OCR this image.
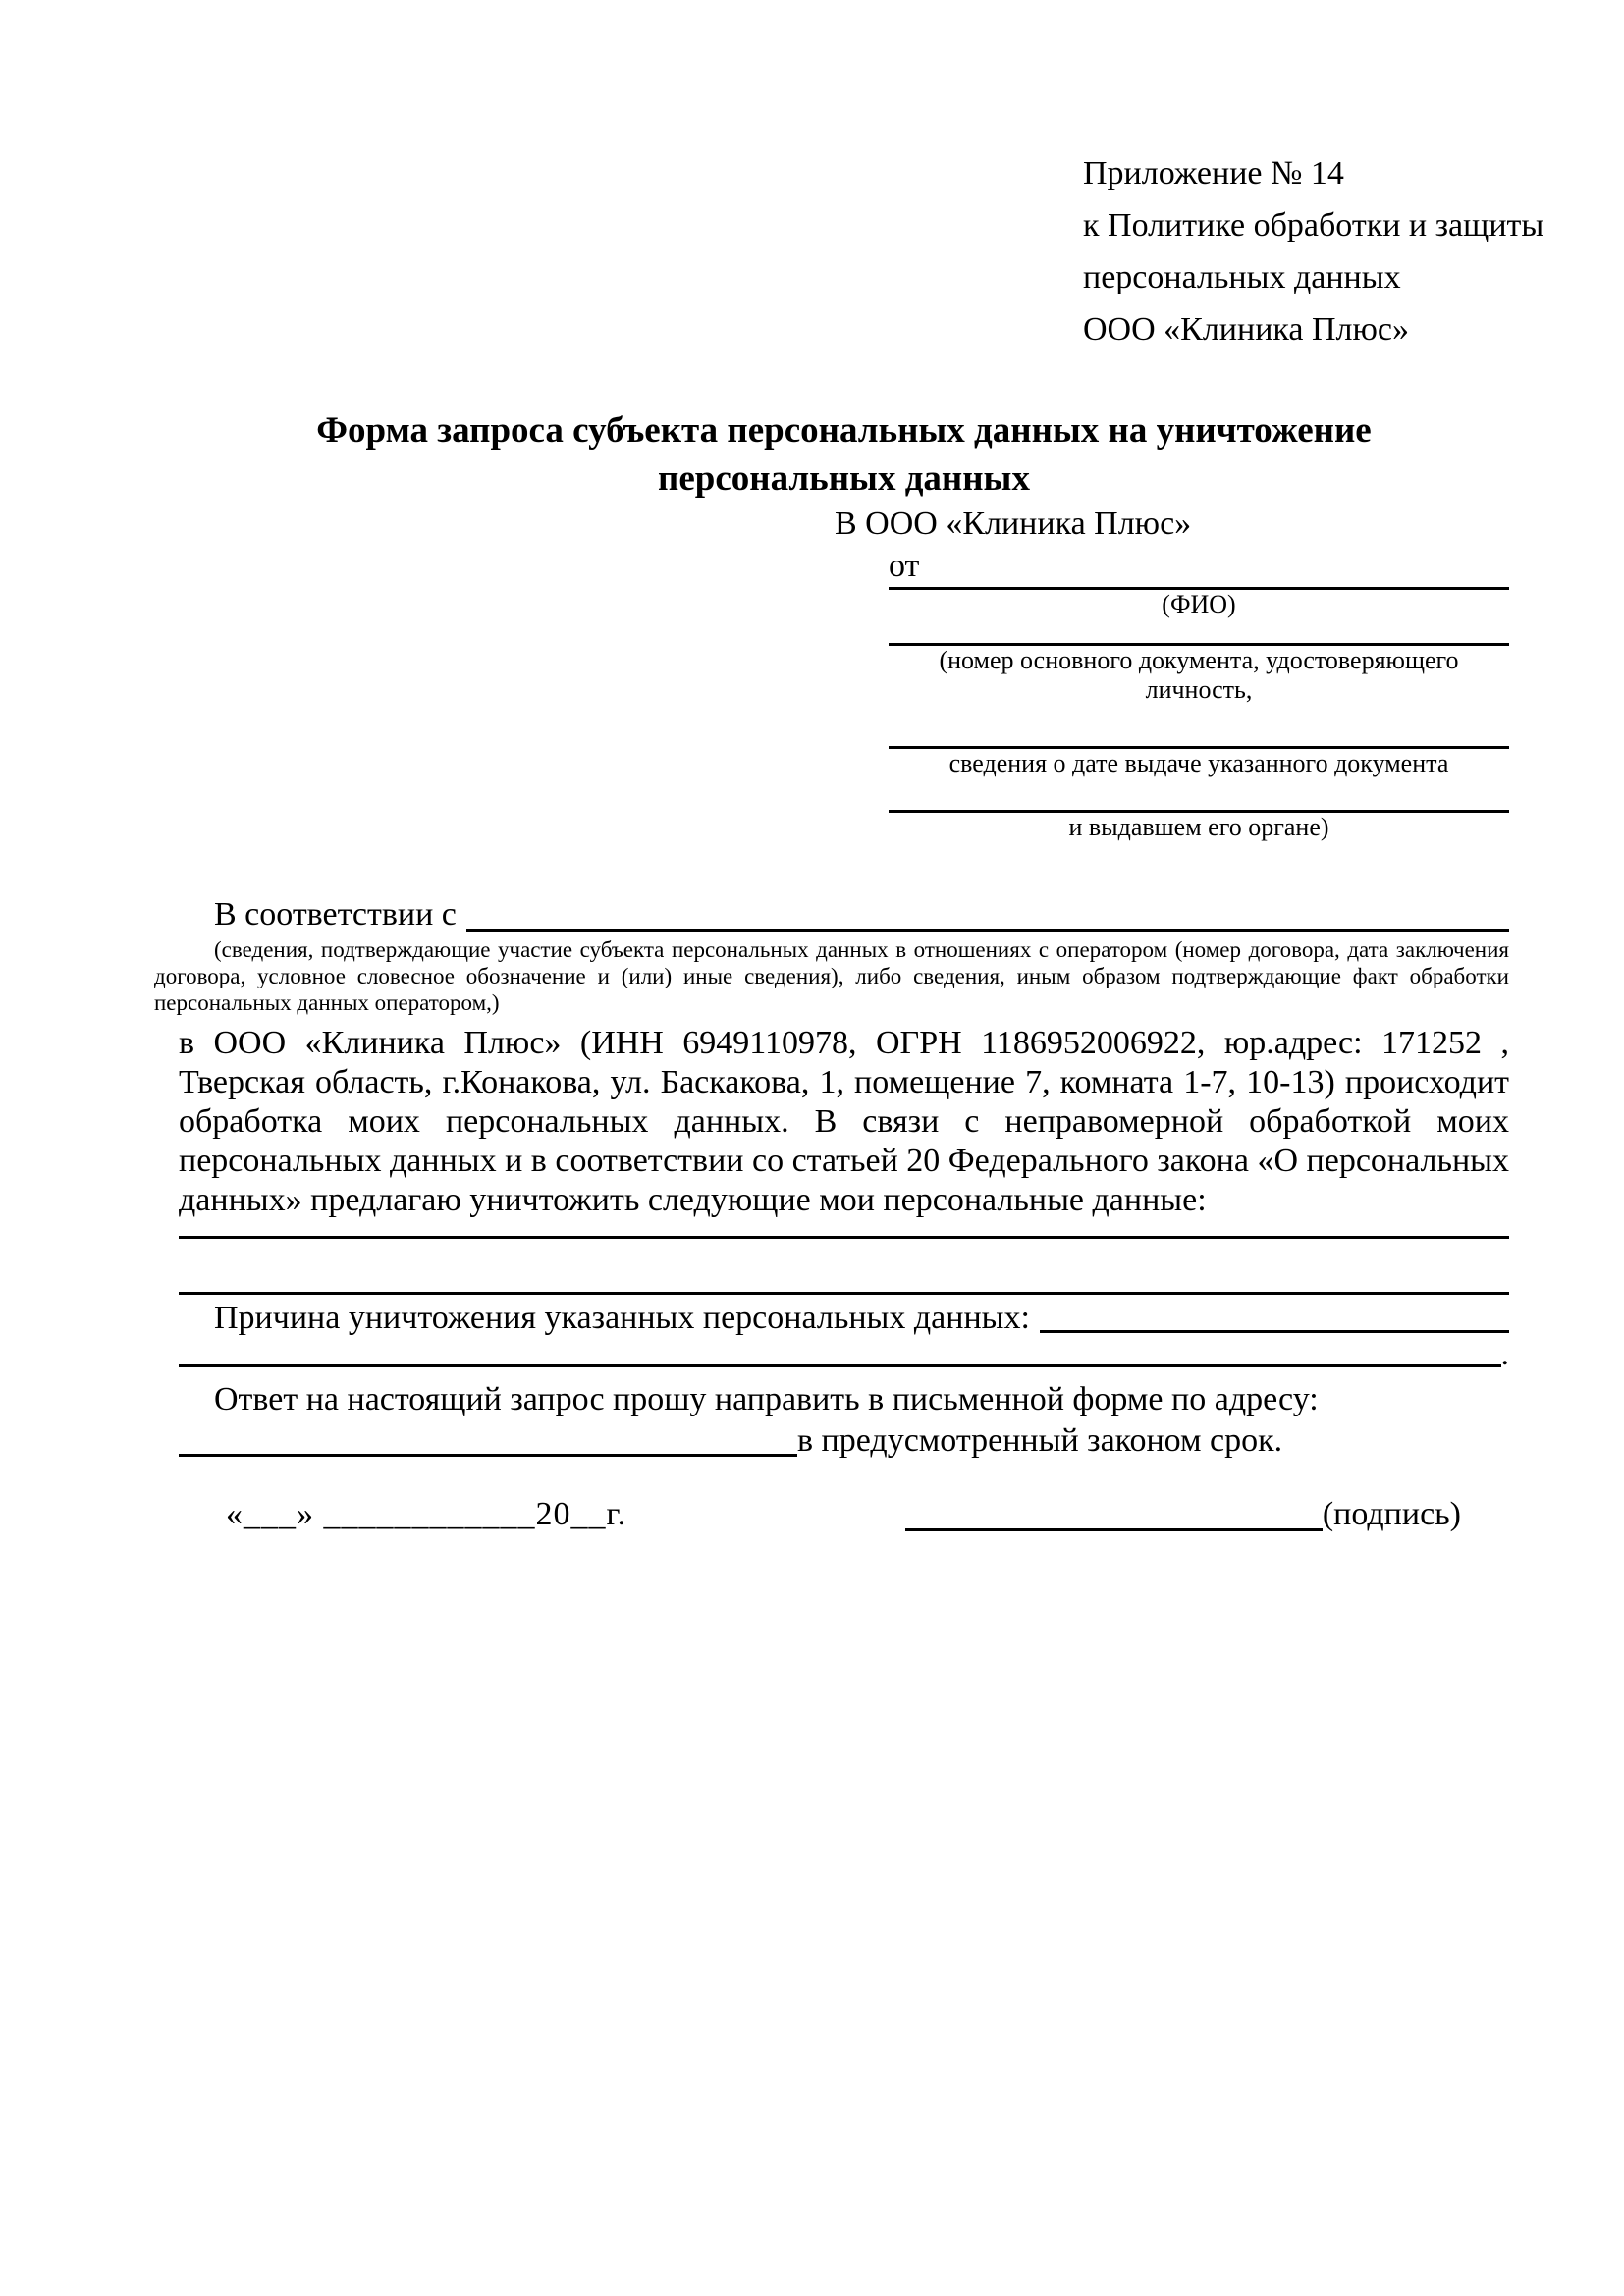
Приложение № 14
к Политике обработки и защиты
персональных данных
ООО «Клиника Плюс»
Форма запроса субъекта персональных данных на уничтожение персональных данных
В ООО «Клиника Плюс»
от
(ФИО)
(номер основного документа, удостоверяющего личность,
сведения о дате выдаче указанного документа
и выдавшем его органе)
В соответствии с
(сведения, подтверждающие участие субъекта персональных данных в отношениях с оператором (номер договора, дата заключения договора, условное словесное обозначение и (или) иные сведения), либо сведения, иным образом подтверждающие факт обработки персональных данных оператором,)
в ООО «Клиника Плюс» (ИНН 6949110978, ОГРН 1186952006922, юр.адрес: 171252 , Тверская область, г.Конакова, ул. Баскакова, 1, помещение 7, комната 1-7, 10-13) происходит обработка моих персональных данных. В связи с неправомерной обработкой моих персональных данных и в соответствии со статьей 20 Федерального закона «О персональных данных» предлагаю уничтожить следующие мои персональные данные:
Причина уничтожения указанных персональных данных:
.
Ответ на настоящий запрос прошу направить в письменной форме по адресу:
в предусмотренный законом срок.
«___» ____________20__г.	(подпись)
